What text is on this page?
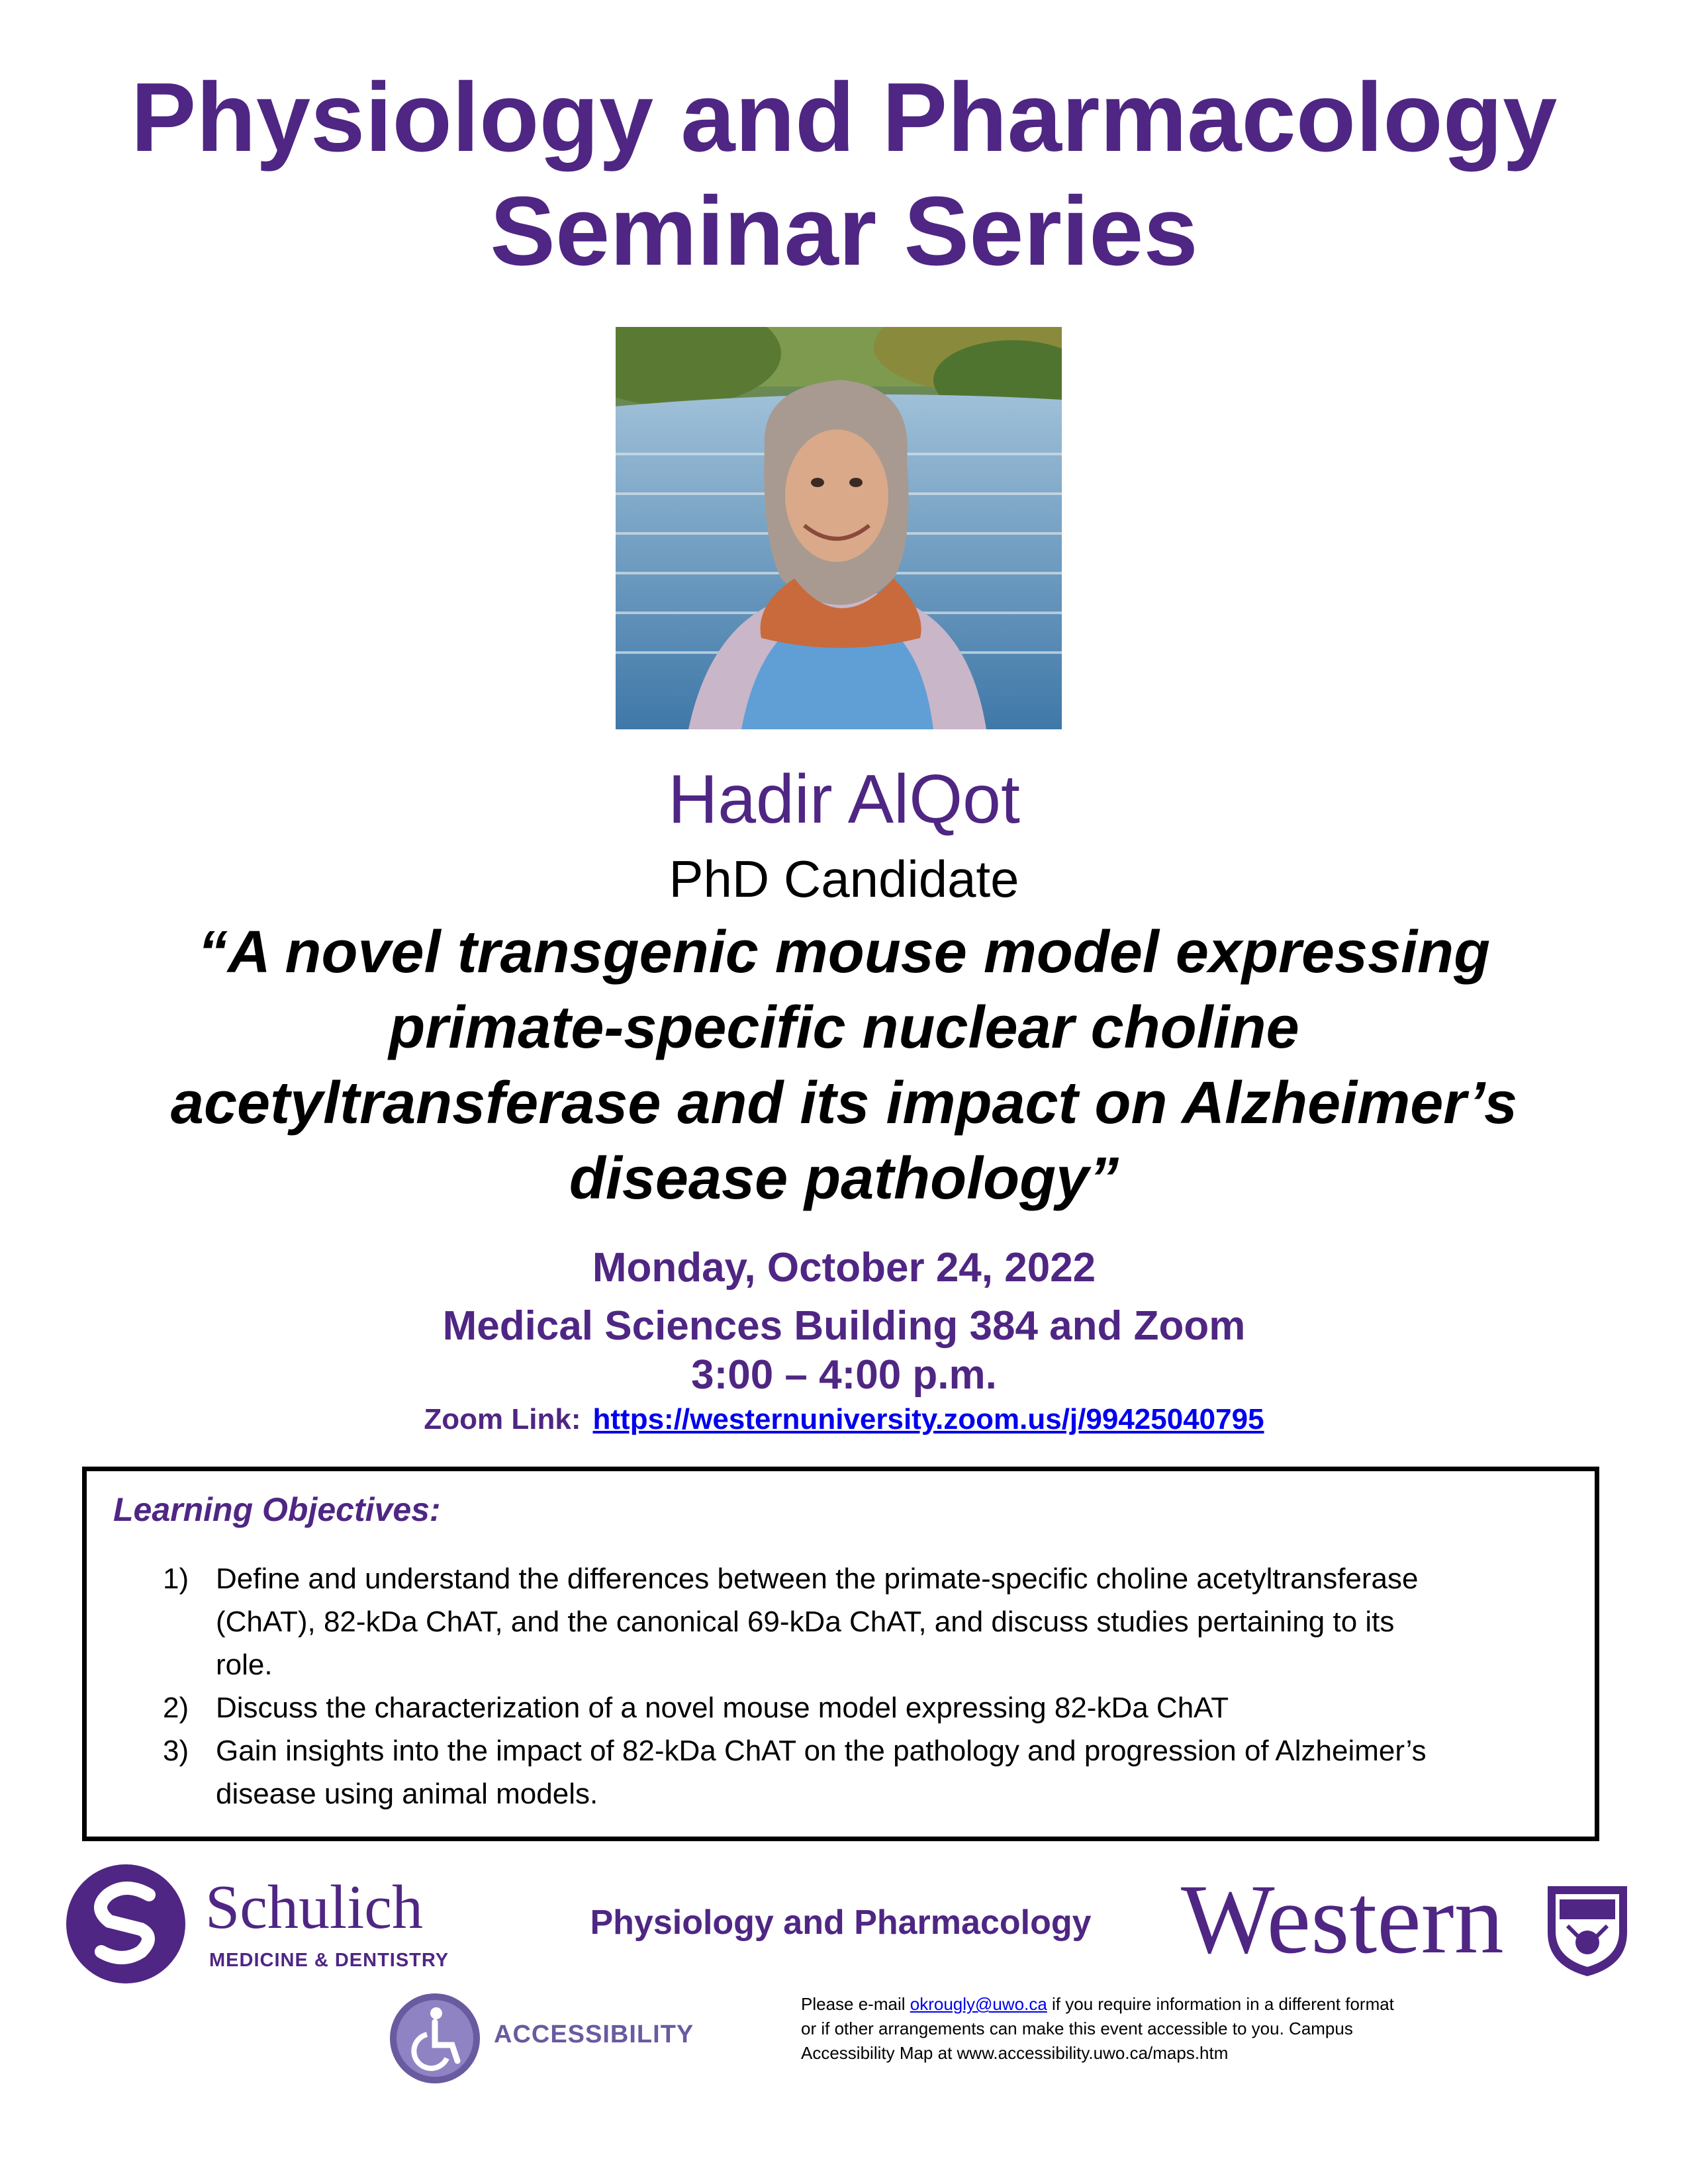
Physiology and Pharmacology
Seminar Series
Hadir AlQot
PhD Candidate
“A novel transgenic mouse model expressing
primate-specific nuclear choline
acetyltransferase and its impact on Alzheimer’s
disease pathology”
Monday, October 24, 2022
Medical Sciences Building 384 and Zoom
3:00 – 4:00 p.m.
Zoom Link: https://westernuniversity.zoom.us/j/99425040795
Learning Objectives:
1) Define and understand the differences between the primate-specific choline acetyltransferase
(ChAT), 82-kDa ChAT, and the canonical 69-kDa ChAT, and discuss studies pertaining to its
role.
2) Discuss the characterization of a novel mouse model expressing 82-kDa ChAT
3) Gain insights into the impact of 82-kDa ChAT on the pathology and progression of Alzheimer’s
disease using animal models.
Schulich
MEDICINE & DENTISTRY
Physiology and Pharmacology Western
ACCESSIBILITY
Please e-mail okrougly@uwo.ca if you require information in a different format
or if other arrangements can make this event accessible to you. Campus
Accessibility Map at www.accessibility.uwo.ca/maps.htm
